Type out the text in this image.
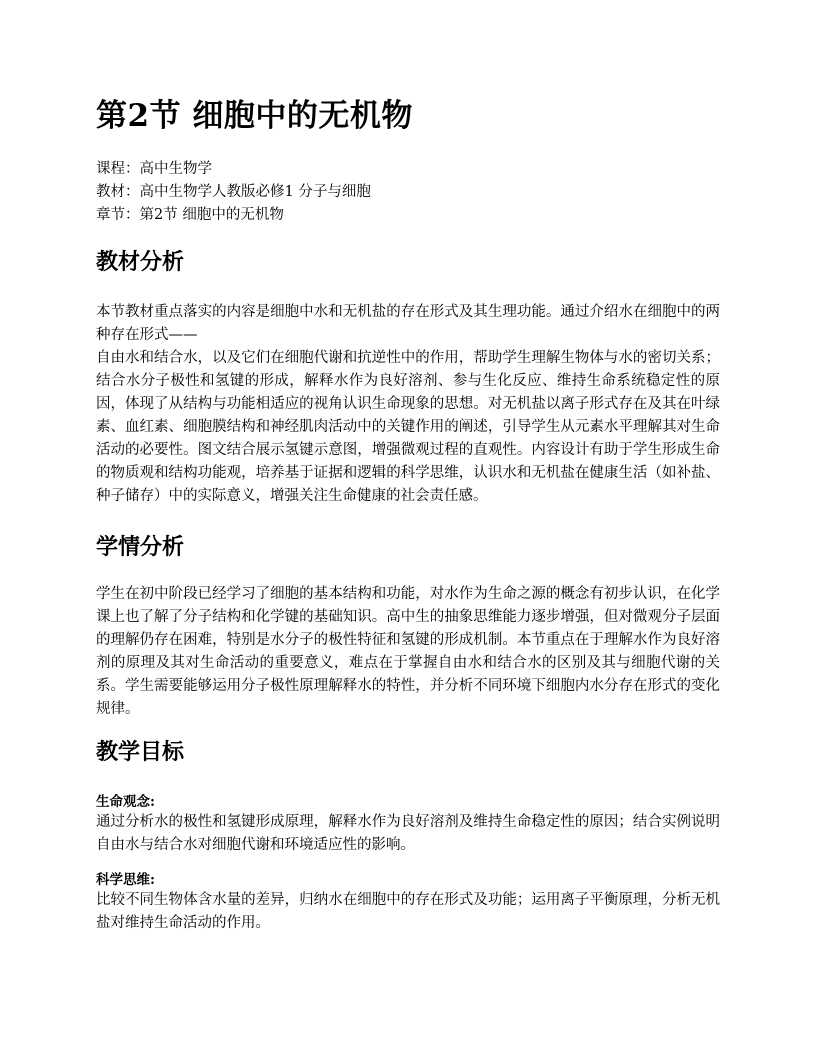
第2节 细胞中的无机物
课程：高中生物学
教材：高中生物学人教版必修1 分子与细胞
章节：第2节 细胞中的无机物
教材分析
本节教材重点落实的内容是细胞中水和无机盐的存在形式及其生理功能。通过介绍水在细胞中的两种存在形式——
自由水和结合水，以及它们在细胞代谢和抗逆性中的作用，帮助学生理解生物体与水的密切关系；结合水分子极性和氢键的形成，解释水作为良好溶剂、参与生化反应、维持生命系统稳定性的原因，体现了从结构与功能相适应的视角认识生命现象的思想。对无机盐以离子形式存在及其在叶绿素、血红素、细胞膜结构和神经肌肉活动中的关键作用的阐述，引导学生从元素水平理解其对生命活动的必要性。图文结合展示氢键示意图，增强微观过程的直观性。内容设计有助于学生形成生命的物质观和结构功能观，培养基于证据和逻辑的科学思维，认识水和无机盐在健康生活（如补盐、种子储存）中的实际意义，增强关注生命健康的社会责任感。
学情分析
学生在初中阶段已经学习了细胞的基本结构和功能，对水作为生命之源的概念有初步认识，在化学课上也了解了分子结构和化学键的基础知识。高中生的抽象思维能力逐步增强，但对微观分子层面的理解仍存在困难，特别是水分子的极性特征和氢键的形成机制。本节重点在于理解水作为良好溶剂的原理及其对生命活动的重要意义，难点在于掌握自由水和结合水的区别及其与细胞代谢的关系。学生需要能够运用分子极性原理解释水的特性，并分析不同环境下细胞内水分存在形式的变化规律。
教学目标
生命观念:
通过分析水的极性和氢键形成原理，解释水作为良好溶剂及维持生命稳定性的原因；结合实例说明自由水与结合水对细胞代谢和环境适应性的影响。
科学思维:
比较不同生物体含水量的差异，归纳水在细胞中的存在形式及功能；运用离子平衡原理，分析无机盐对维持生命活动的作用。
